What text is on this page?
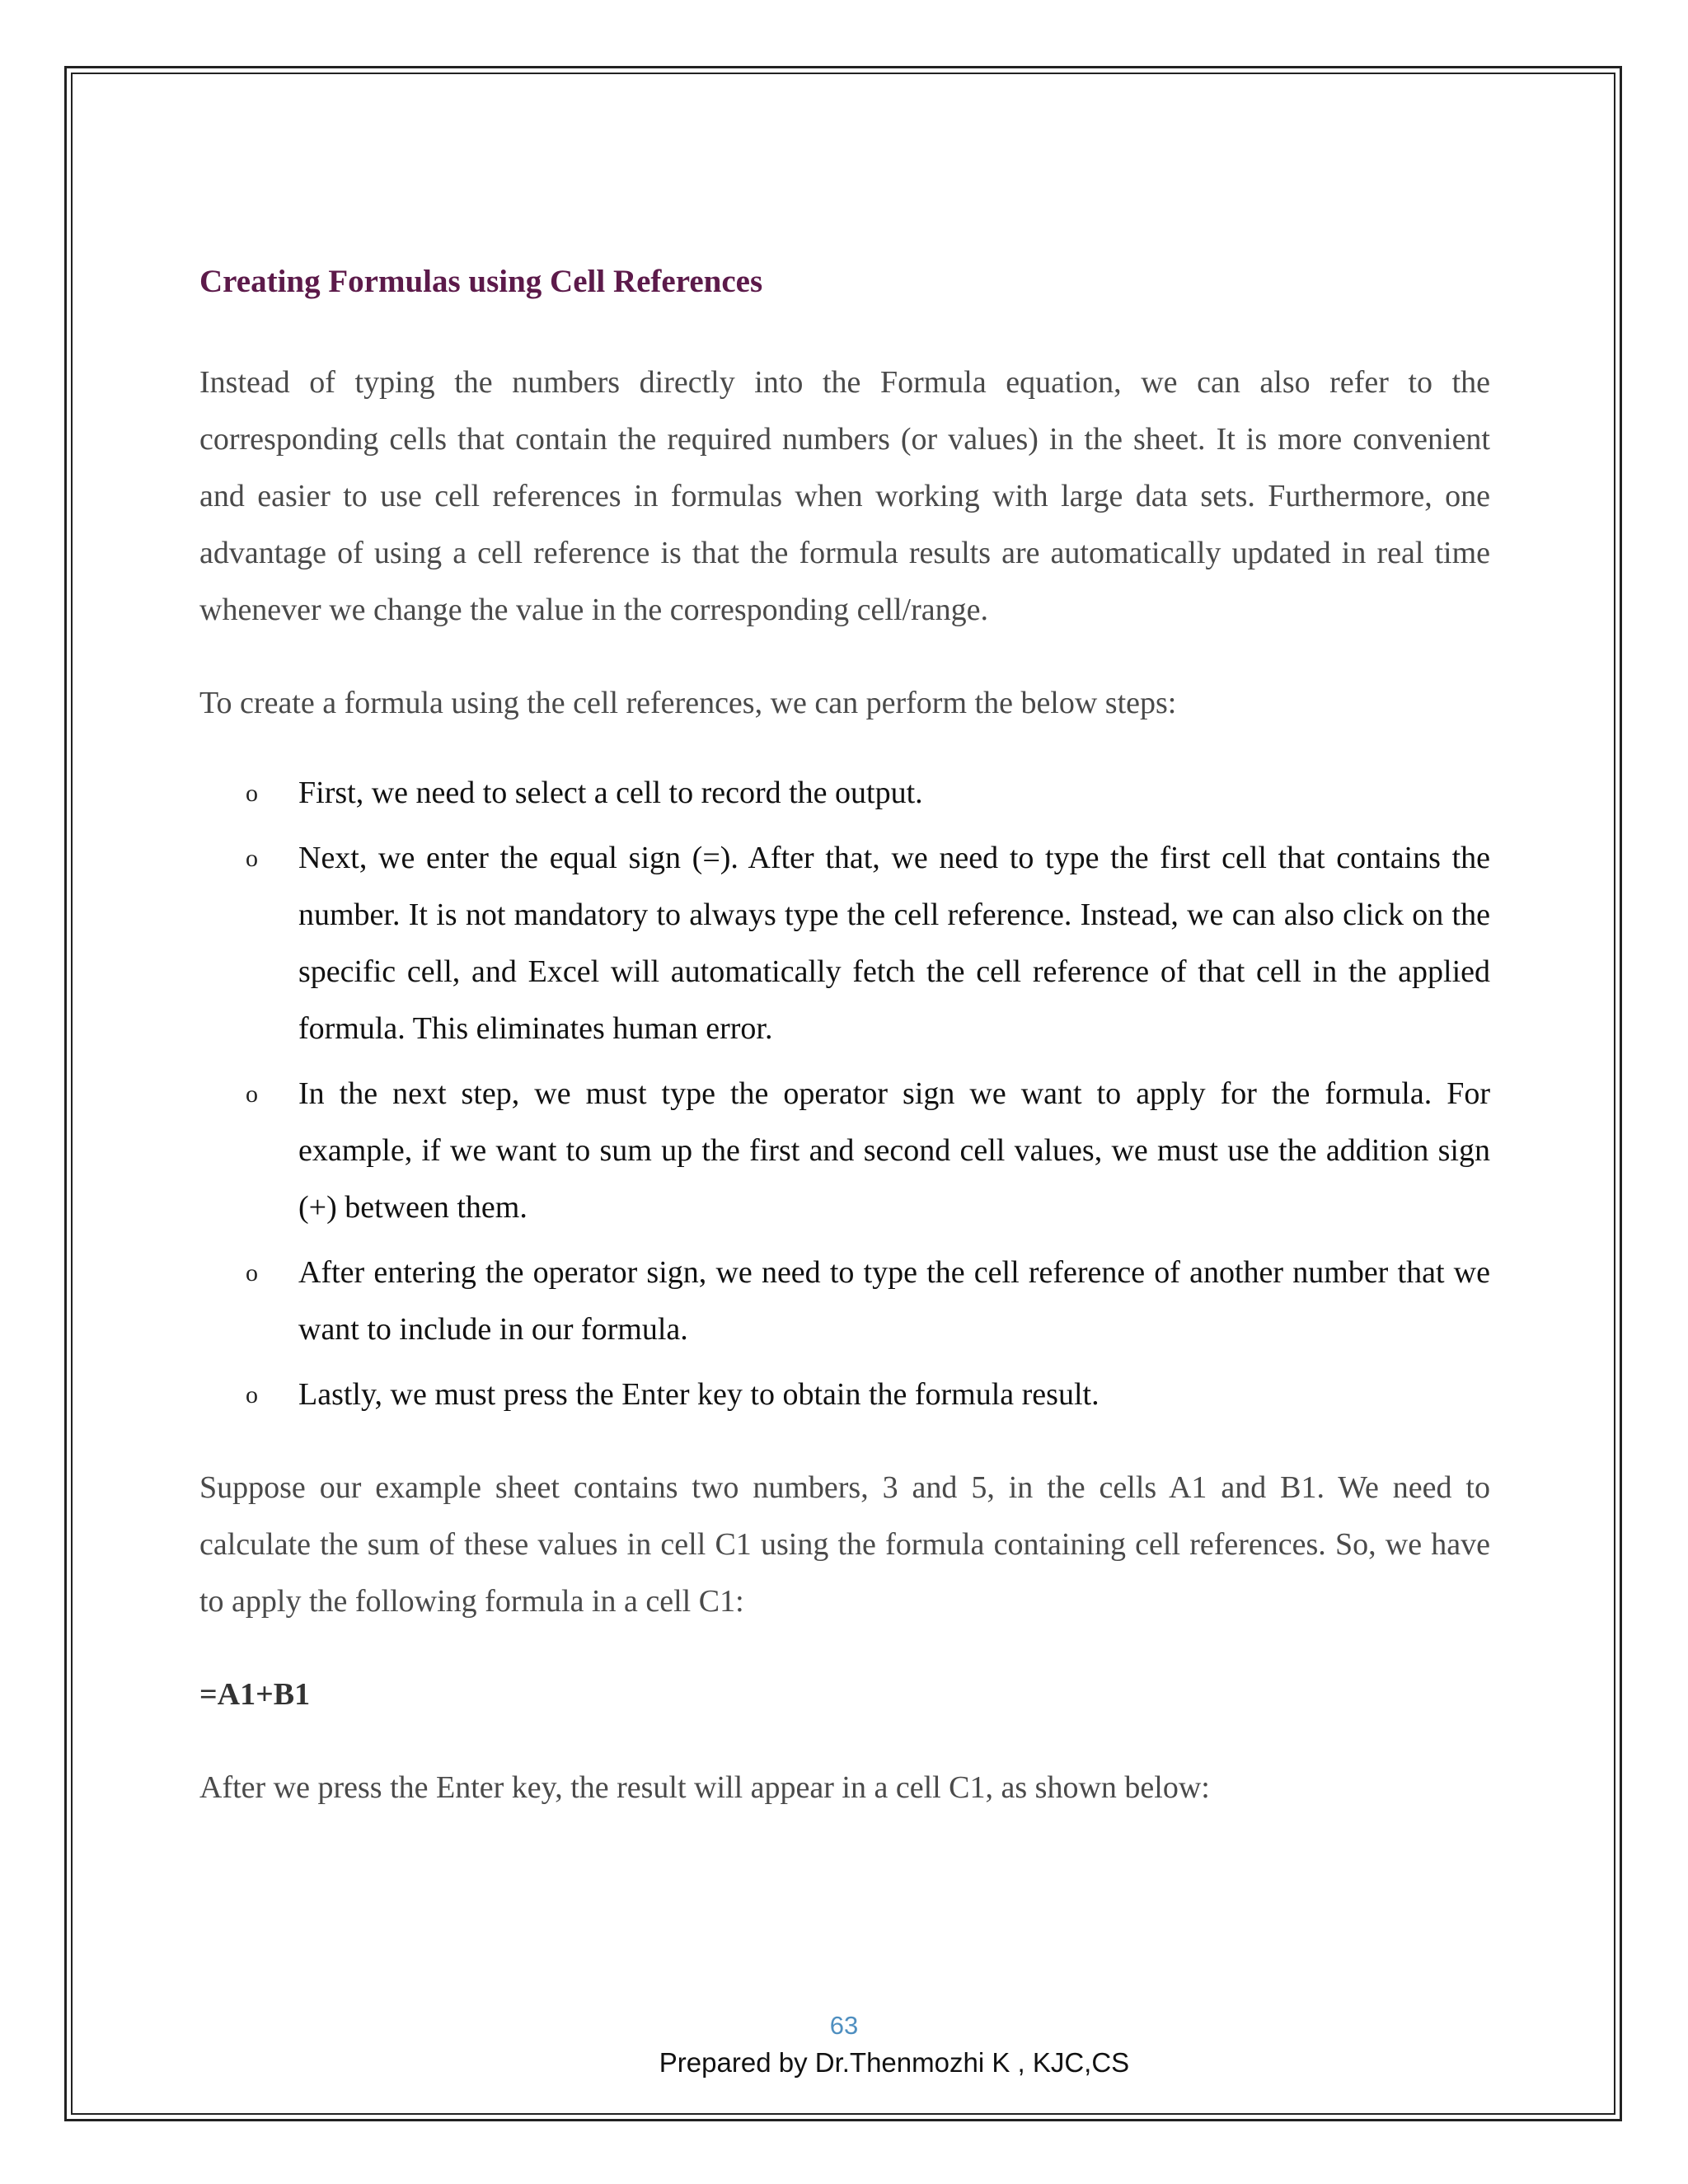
Creating Formulas using Cell References

Instead of typing the numbers directly into the Formula equation, we can also refer to the corresponding cells that contain the required numbers (or values) in the sheet. It is more convenient and easier to use cell references in formulas when working with large data sets. Furthermore, one advantage of using a cell reference is that the formula results are automatically updated in real time whenever we change the value in the corresponding cell/range.

To create a formula using the cell references, we can perform the below steps:

o First, we need to select a cell to record the output.
o Next, we enter the equal sign (=). After that, we need to type the first cell that contains the number. It is not mandatory to always type the cell reference. Instead, we can also click on the specific cell, and Excel will automatically fetch the cell reference of that cell in the applied formula. This eliminates human error.
o In the next step, we must type the operator sign we want to apply for the formula. For example, if we want to sum up the first and second cell values, we must use the addition sign (+) between them.
o After entering the operator sign, we need to type the cell reference of another number that we want to include in our formula.
o Lastly, we must press the Enter key to obtain the formula result.

Suppose our example sheet contains two numbers, 3 and 5, in the cells A1 and B1. We need to calculate the sum of these values in cell C1 using the formula containing cell references. So, we have to apply the following formula in a cell C1:

=A1+B1

After we press the Enter key, the result will appear in a cell C1, as shown below:

63
Prepared by Dr.Thenmozhi K , KJC,CS
